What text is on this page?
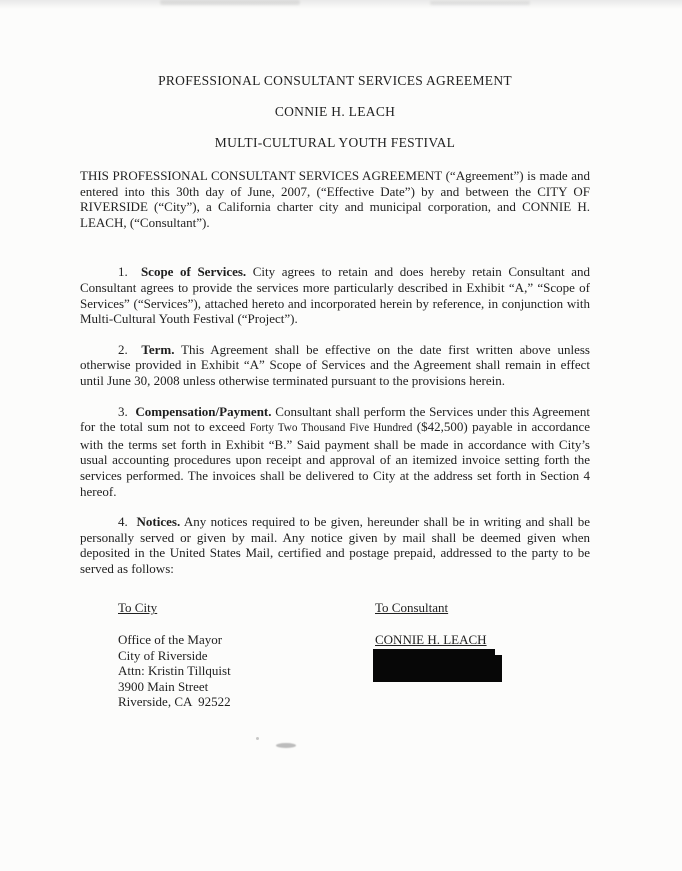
PROFESSIONAL CONSULTANT SERVICES AGREEMENT

CONNIE H. LEACH

MULTI-CULTURAL YOUTH FESTIVAL

THIS PROFESSIONAL CONSULTANT SERVICES AGREEMENT (“Agreement”) is made and entered into this 30th day of June, 2007, (“Effective Date”) by and between the CITY OF RIVERSIDE (“City”), a California charter city and municipal corporation, and CONNIE H. LEACH, (“Consultant”).

1. Scope of Services. City agrees to retain and does hereby retain Consultant and Consultant agrees to provide the services more particularly described in Exhibit “A,” “Scope of Services” (“Services”), attached hereto and incorporated herein by reference, in conjunction with Multi-Cultural Youth Festival (“Project”).

2. Term. This Agreement shall be effective on the date first written above unless otherwise provided in Exhibit “A” Scope of Services and the Agreement shall remain in effect until June 30, 2008 unless otherwise terminated pursuant to the provisions herein.

3. Compensation/Payment. Consultant shall perform the Services under this Agreement for the total sum not to exceed Forty Two Thousand Five Hundred ($42,500) payable in accordance with the terms set forth in Exhibit “B.” Said payment shall be made in accordance with City’s usual accounting procedures upon receipt and approval of an itemized invoice setting forth the services performed. The invoices shall be delivered to City at the address set forth in Section 4 hereof.

4. Notices. Any notices required to be given, hereunder shall be in writing and shall be personally served or given by mail. Any notice given by mail shall be deemed given when deposited in the United States Mail, certified and postage prepaid, addressed to the party to be served as follows:

To City
Office of the Mayor
City of Riverside
Attn: Kristin Tillquist
3900 Main Street
Riverside, CA  92522
To Consultant
CONNIE H. LEACH
